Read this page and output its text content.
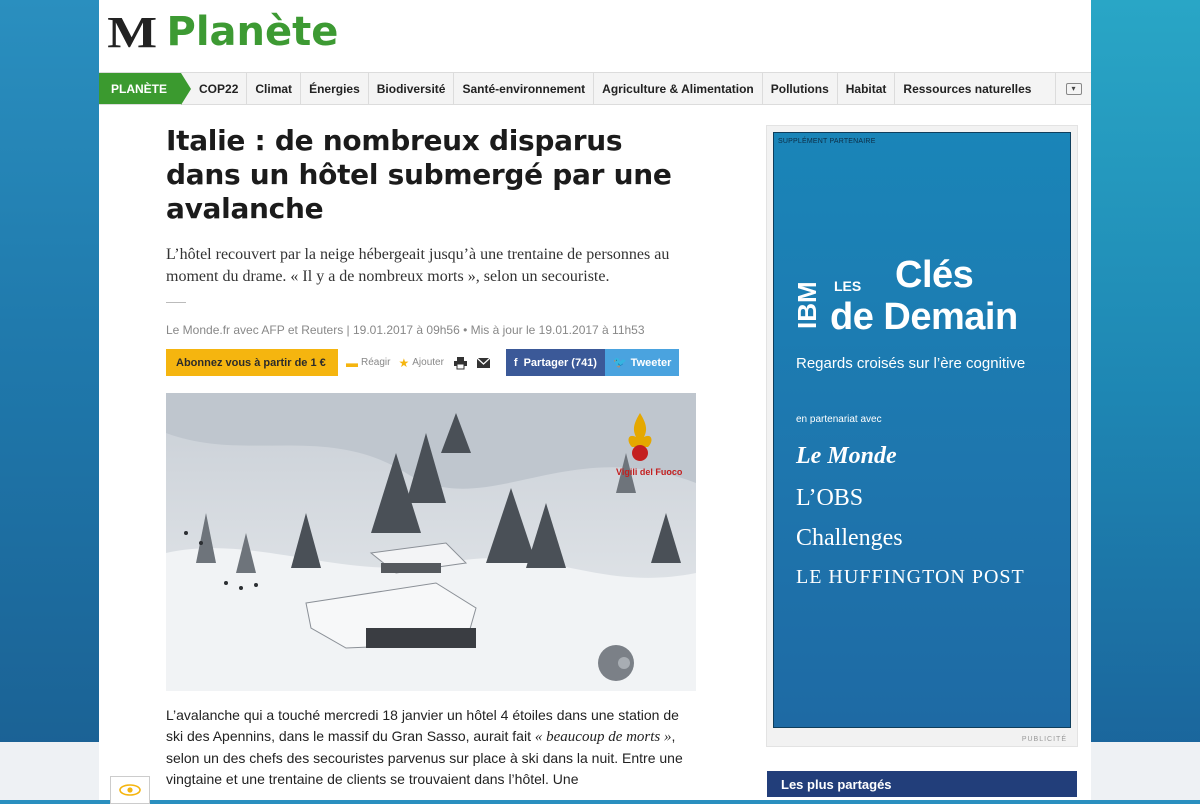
M Planète
PLANÈTE	COP22	Climat	Énergies	Biodiversité	Santé-environnement	Agriculture & Alimentation	Pollutions	Habitat	Ressources naturelles	▾
Italie : de nombreux disparus dans un hôtel submergé par une avalanche

L’hôtel recouvert par la neige hébergeait jusqu’à une trentaine de personnes au moment du drame. « Il y a de nombreux morts », selon un secouriste.

Le Monde.fr avec AFP et Reuters | 19.01.2017 à 09h56 • Mis à jour le 19.01.2017 à 11h53
Abonnez vous à partir de 1 €	▬ Réagir ★ Ajouter	f Partager (741) 🐦 Tweeter
Vigili del Fuoco

L’avalanche qui a touché mercredi 18 janvier un hôtel 4 étoiles dans une station de ski des Apennins, dans le massif du Gran Sasso, aurait fait « beaucoup de morts », selon un des chefs des secouristes parvenus sur place à ski dans la nuit. Entre une vingtaine et une trentaine de clients se trouvaient dans l’hôtel. Une

SUPPLÉMENT PARTENAIRE
IBM LES Clés
de Demain
Regards croisés sur l’ère cognitive
en partenariat avec
Le Monde
L’OBS
Challenges
LE HUFFINGTON POST
PUBLICITÉ
Les plus partagés
